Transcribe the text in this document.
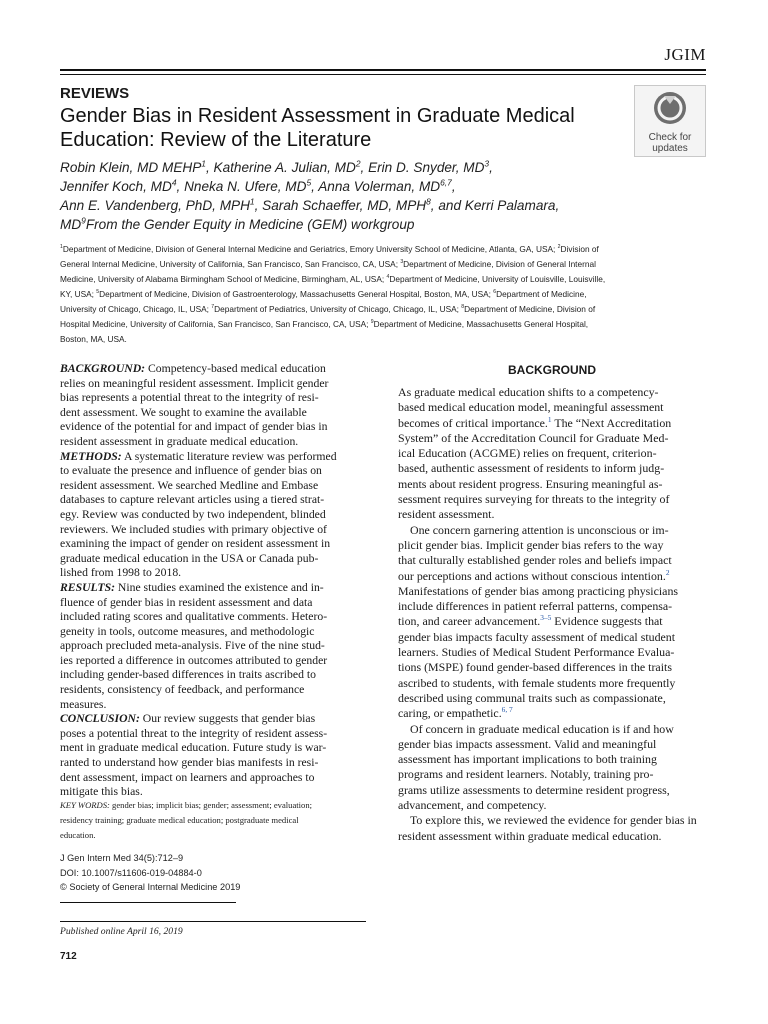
JGIM
REVIEWS
Gender Bias in Resident Assessment in Graduate Medical
Education: Review of the Literature	Check for
updates
Robin Klein, MD MEHP$^1$, Katherine A. Julian, $MD^2$, Erin D. Snyder, $MD^3$,
Jennifer Koch, $MD^4$, Nneka N. Ufere, $MD^5$, Anna Volerman, MD$^{6,7}$,
Ann E. Vandenberg, PhD, MPH$^1$, Sarah Schaeffer, MD, MPH$^8$, and Kerri Palamara,
$MD^9From$ the Gender Equity in Medicine (GEM) workgroup
$^1$Department of Medicine, Division of General Internal Medicine and Geriatrics, Emory University School of Medicine, Atlanta, GA, USA; $^2$Division of
General Internal Medicine, University of California, San Francisco, San Francisco, CA, USA; $^3$Department of Medicine, Division of General Internal
Medicine, University of Alabama Birmingham School of Medicine, Birmingham, AL, USA; $^4$Department of Medicine, University of Louisville, Louisville,
KY, USA; $^5$Department of Medicine, Division of Gastroenterology, Massachusetts General Hospital, Boston, MA, USA; $^6$Department of Medicine,
University of Chicago, Chicago, IL, USA; $^7$Department of Pediatrics, University of Chicago, Chicago, IL, USA; $^8$Department of Medicine, Division of
Hospital Medicine, University of California, San Francisco, San Francisco, CA, USA; $^9$Department of Medicine, Massachusetts General Hospital,
Boston, MA, USA.
BACKGROUND: Competency-based medical education
relies on meaningful resident assessment. Implicit gender
bias represents a potential threat to the integrity of resi-
dent assessment. We sought to examine the available
evidence of the potential for and impact of gender bias in
resident assessment in graduate medical education.
METHODS: A systematic literature review was performed
to evaluate the presence and influence of gender bias on
resident assessment. We searched Medline and Embase
databases to capture relevant articles using a tiered strat-
egy. Review was conducted by two independent, blinded
reviewers. We included studies with primary objective of
examining the impact of gender on resident assessment in
graduate medical education in the USA or Canada pub-
lished from 1998 to 2018.
RESULTS: Nine studies examined the existence and in-
fluence of gender bias in resident assessment and data
included rating scores and qualitative comments. Hetero-
geneity in tools, outcome measures, and methodologic
approach precluded meta-analysis. Five of the nine stud-
ies reported a difference in outcomes attributed to gender
including gender-based differences in traits ascribed to
residents, consistency of feedback, and performance
measures.
CONCLUSION: Our review suggests that gender bias
poses a potential threat to the integrity of resident assess-
ment in graduate medical education. Future study is war-
ranted to understand how gender bias manifests in resi-
dent assessment, impact on learners and approaches to
mitigate this bias.
KEY WORDS: gender bias; implicit bias; gender; assessment; evaluation;
residency training; graduate medical education; postgraduate medical
education.
J Gen Intern Med 34(5):712–9
DOI: 10.1007/s11606-019-04884-0
© Society of General Internal Medicine 2019
Published online April 16, 2019
712
BACKGROUND
As graduate medical education shifts to a competency-
based medical education model, meaningful assessment
becomes of critical importance.$^1$ The “Next Accreditation
System” of the Accreditation Council for Graduate Med-
ical Education (ACGME) relies on frequent, criterion-
based, authentic assessment of residents to inform judg-
ments about resident progress. Ensuring meaningful as-
sessment requires surveying for threats to the integrity of
resident assessment.
One concern garnering attention is unconscious or im-
plicit gender bias. Implicit gender bias refers to the way
that culturally established gender roles and beliefs impact
our perceptions and actions without conscious intention.$^2$
Manifestations of gender bias among practicing physicians
include differences in patient referral patterns, compensa-
tion, and career advancement.$^{3-5}$ Evidence suggests that
gender bias impacts faculty assessment of medical student
learners. Studies of Medical Student Performance Evalua-
tions (MSPE) found gender-based differences in the traits
ascribed to students, with female students more frequently
described using communal traits such as compassionate,
caring, or empathetic.$^{6, 7}$
Of concern in graduate medical education is if and how
gender bias impacts assessment. Valid and meaningful
assessment has important implications to both training
programs and resident learners. Notably, training pro-
grams utilize assessments to determine resident progress,
advancement, and competency.
To explore this, we reviewed the evidence for gender bias in
resident assessment within graduate medical education.
